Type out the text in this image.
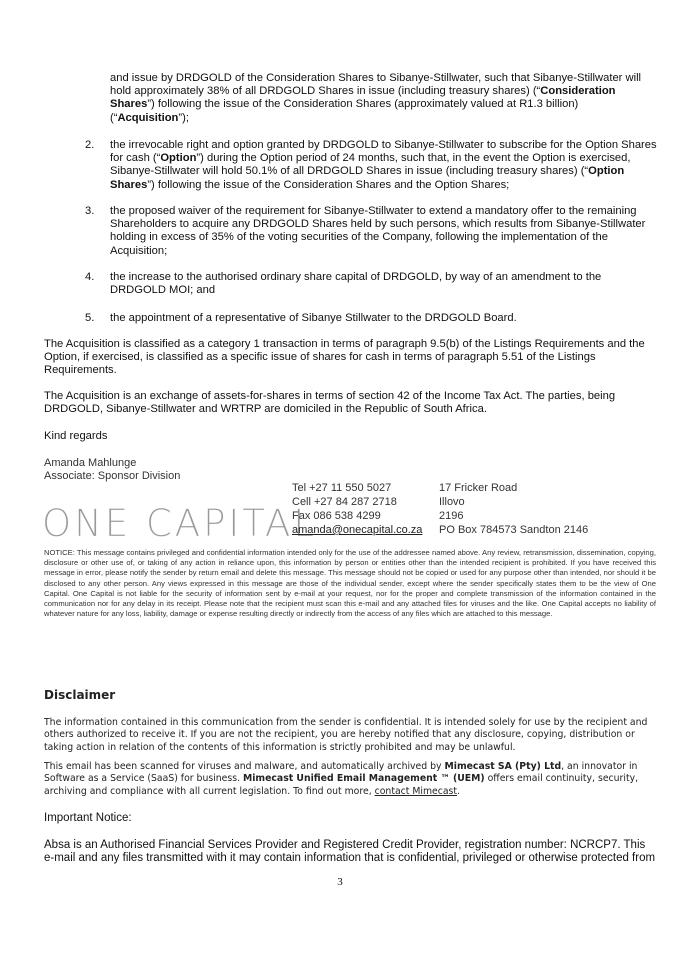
and issue by DRDGOLD of the Consideration Shares to Sibanye-Stillwater, such that Sibanye-Stillwater will hold approximately 38% of all DRDGOLD Shares in issue (including treasury shares) (“Consideration Shares”) following the issue of the Consideration Shares (approximately valued at R1.3 billion) (“Acquisition”);
2. the irrevocable right and option granted by DRDGOLD to Sibanye-Stillwater to subscribe for the Option Shares for cash (“Option”) during the Option period of 24 months, such that, in the event the Option is exercised, Sibanye-Stillwater will hold 50.1% of all DRDGOLD Shares in issue (including treasury shares) (“Option Shares”) following the issue of the Consideration Shares and the Option Shares;
3. the proposed waiver of the requirement for Sibanye-Stillwater to extend a mandatory offer to the remaining Shareholders to acquire any DRDGOLD Shares held by such persons, which results from Sibanye-Stillwater holding in excess of 35% of the voting securities of the Company, following the implementation of the Acquisition;
4. the increase to the authorised ordinary share capital of DRDGOLD, by way of an amendment to the DRDGOLD MOI; and
5. the appointment of a representative of Sibanye Stillwater to the DRDGOLD Board.
The Acquisition is classified as a category 1 transaction in terms of paragraph 9.5(b) of the Listings Requirements and the Option, if exercised, is classified as a specific issue of shares for cash in terms of paragraph 5.51 of the Listings Requirements.
The Acquisition is an exchange of assets-for-shares in terms of section 42 of the Income Tax Act. The parties, being DRDGOLD, Sibanye-Stillwater and WRTRP are domiciled in the Republic of South Africa.
Kind regards
Amanda Mahlunge
Associate: Sponsor Division
ONE CAPITAL
Tel +27 11 550 5027
Cell +27 84 287 2718
Fax 086 538 4299
amanda@onecapital.co.za
17 Fricker Road
Illovo
2196
PO Box 784573 Sandton 2146
NOTICE: This message contains privileged and confidential information intended only for the use of the addressee named above. Any review, retransmission, dissemination, copying, disclosure or other use of, or taking of any action in reliance upon, this information by person or entities other than the intended recipient is prohibited. If you have received this message in error, please notify the sender by return email and delete this message. This message should not be copied or used for any purpose other than intended, nor should it be disclosed to any other person. Any views expressed in this message are those of the individual sender, except where the sender specifically states them to be the view of One Capital. One Capital is not liable for the security of information sent by e-mail at your request, nor for the proper and complete transmission of the information contained in the communication nor for any delay in its receipt. Please note that the recipient must scan this e-mail and any attached files for viruses and the like. One Capital accepts no liability of whatever nature for any loss, liability, damage or expense resulting directly or indirectly from the access of any files which are attached to this message.
Disclaimer
The information contained in this communication from the sender is confidential. It is intended solely for use by the recipient and others authorized to receive it. If you are not the recipient, you are hereby notified that any disclosure, copying, distribution or taking action in relation of the contents of this information is strictly prohibited and may be unlawful.
This email has been scanned for viruses and malware, and automatically archived by Mimecast SA (Pty) Ltd, an innovator in Software as a Service (SaaS) for business. Mimecast Unified Email Management ™ (UEM) offers email continuity, security, archiving and compliance with all current legislation. To find out more, contact Mimecast.
Important Notice:
Absa is an Authorised Financial Services Provider and Registered Credit Provider, registration number: NCRCP7. This e-mail and any files transmitted with it may contain information that is confidential, privileged or otherwise protected from
3
